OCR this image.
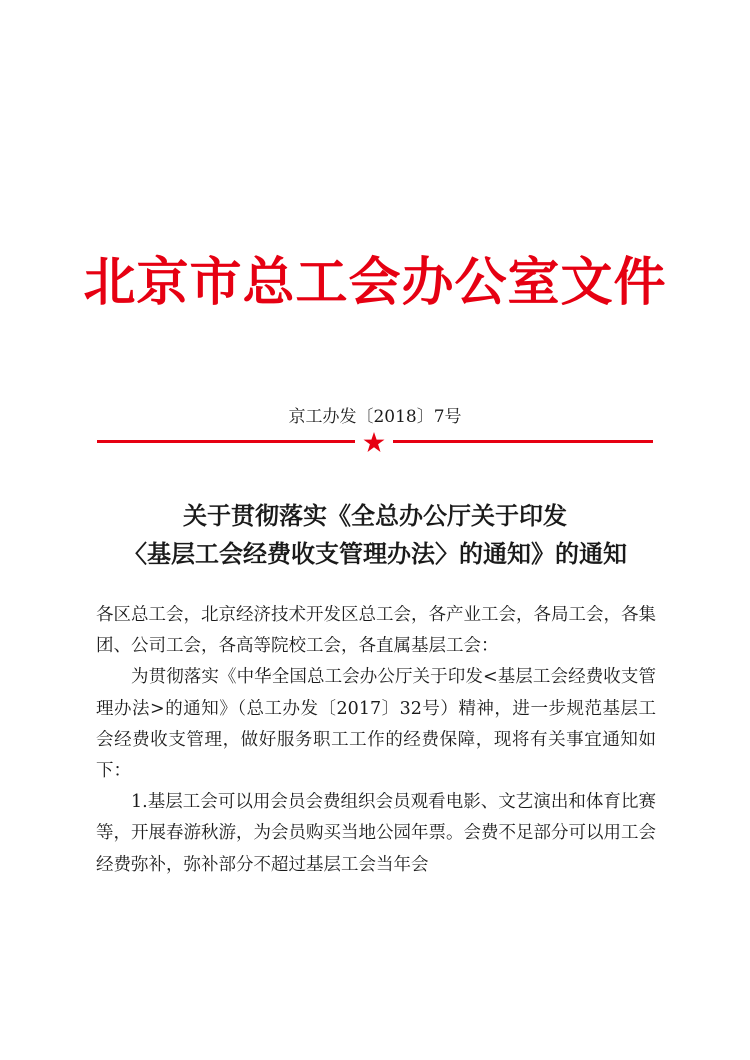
北京市总工会办公室文件
京工办发〔2018〕7号
关于贯彻落实《全总办公厅关于印发
〈基层工会经费收支管理办法〉的通知》的通知

各区总工会，北京经济技术开发区总工会，各产业工会，各局工会，各集团、公司工会，各高等院校工会，各直属基层工会：

为贯彻落实《中华全国总工会办公厅关于印发<基层工会经费收支管理办法>的通知》（总工办发〔2017〕32号）精神，进一步规范基层工会经费收支管理，做好服务职工工作的经费保障，现将有关事宜通知如下：

1.基层工会可以用会员会费组织会员观看电影、文艺演出和体育比赛等，开展春游秋游，为会员购买当地公园年票。会费不足部分可以用工会经费弥补，弥补部分不超过基层工会当年会
